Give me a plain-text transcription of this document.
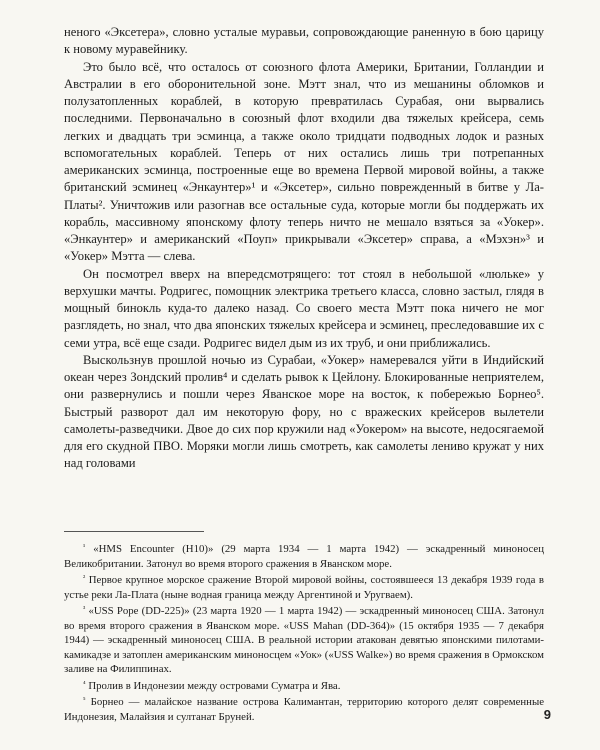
неного «Эксетера», словно усталые муравьи, сопровождающие раненную в бою царицу к новому муравейнику.

Это было всё, что осталось от союзного флота Америки, Британии, Голландии и Австралии в его оборонительной зоне. Мэтт знал, что из мешанины обломков и полузатопленных кораблей, в которую превратилась Сурабая, они вырвались последними. Первоначально в союзный флот входили два тяжелых крейсера, семь легких и двадцать три эсминца, а также около тридцати подводных лодок и разных вспомогательных кораблей. Теперь от них остались лишь три потрепанных американских эсминца, построенные еще во времена Первой мировой войны, а также британский эсминец «Энкаунтер»¹ и «Эксетер», сильно поврежденный в битве у Ла-Платы². Уничтожив или разогнав все остальные суда, которые могли бы поддержать их корабль, массивному японскому флоту теперь ничто не мешало взяться за «Уокер». «Энкаунтер» и американский «Поуп» прикрывали «Эксетер» справа, а «Мэхэн»³ и «Уокер» Мэтта — слева.

Он посмотрел вверх на впередсмотрящего: тот стоял в небольшой «люльке» у верхушки мачты. Родригес, помощник электрика третьего класса, словно застыл, глядя в мощный бинокль куда-то далеко назад. Со своего места Мэтт пока ничего не мог разглядеть, но знал, что два японских тяжелых крейсера и эсминец, преследовавшие их с семи утра, всё еще сзади. Родригес видел дым из их труб, и они приближались.

Выскользнув прошлой ночью из Сурабаи, «Уокер» намеревался уйти в Индийский океан через Зондский пролив⁴ и сделать рывок к Цейлону. Блокированные неприятелем, они развернулись и пошли через Яванское море на восток, к побережью Борнео⁵. Быстрый разворот дал им некоторую фору, но с вражеских крейсеров вылетели самолеты-разведчики. Двое до сих пор кружили над «Уокером» на высоте, недосягаемой для его скудной ПВО. Моряки могли лишь смотреть, как самолеты лениво кружат у них над головами

$^{^1}$ «HMS Encounter (H10)» (29 марта 1934 — 1 марта 1942) — эскадренный миноносец Великобритании. Затонул во время второго сражения в Яванском море.

$^{^2}$ Первое крупное морское сражение Второй мировой войны, состоявшееся 13 декабря 1939 года в устье реки Ла-Плата (ныне водная граница между Аргентиной и Уругваем).

$^{^3}$ «USS Pope (DD-225)» (23 марта 1920 — 1 марта 1942) — эскадренный миноносец США. Затонул во время второго сражения в Яванском море. «USS Mahan (DD-364)» (15 октября 1935 — 7 декабря 1944) — эскадренный миноносец США. В реальной истории атакован девятью японскими пилотами-камикадзе и затоплен американским миноносцем «Уок» («USS Walke») во время сражения в Ормокском заливе на Филиппинах.

$^{^4}$ Пролив в Индонезии между островами Суматра и Ява.

$^{^5}$ Борнео — малайское название острова Калимантан, территорию которого делят современные Индонезия, Малайзия и султанат Бруней.	9
